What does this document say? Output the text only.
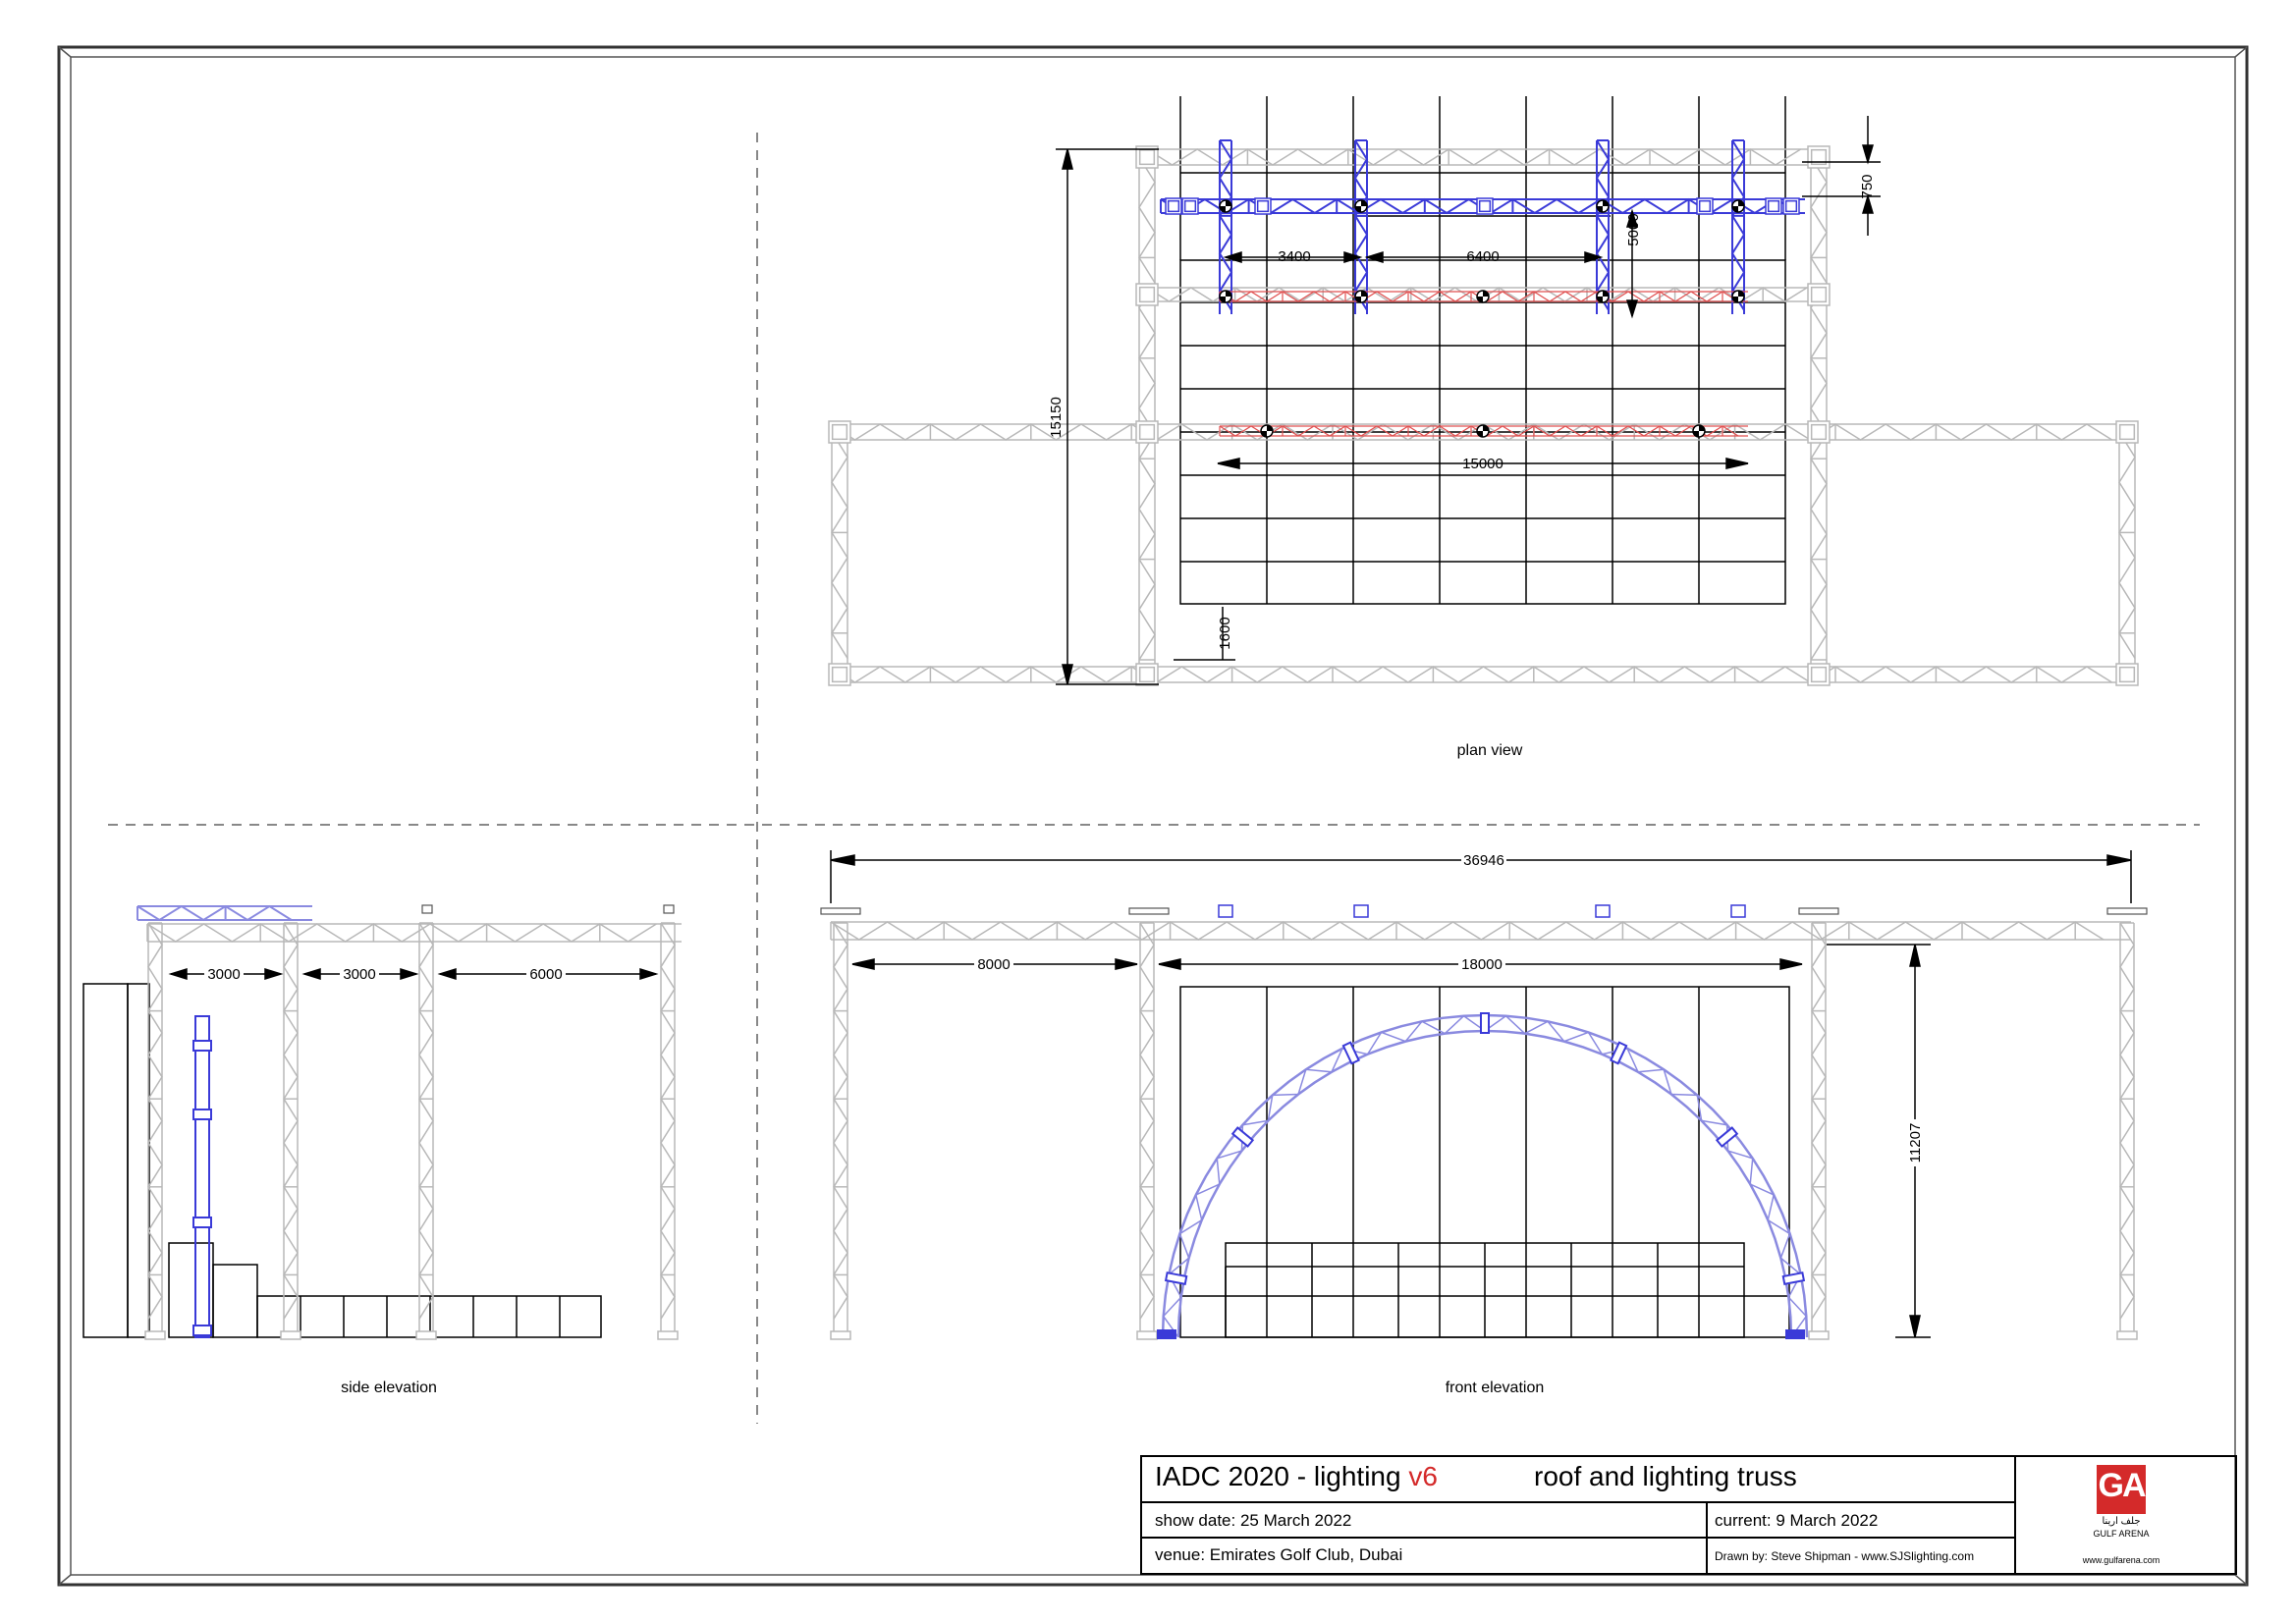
15150
3400	6400
5000
750
15000
1600
plan view
3000	3000	6000
side elevation
36946
8000	18000
11207
front elevation
IADC 2020 - lighting v6	roof and lighting truss
show date: 25 March 2022	current: 9 March 2022
venue: Emirates Golf Club, Dubai	Drawn by: Steve Shipman - www.SJSlighting.com
GA
جلف ارينا
GULF ARENA
www.gulfarena.com
